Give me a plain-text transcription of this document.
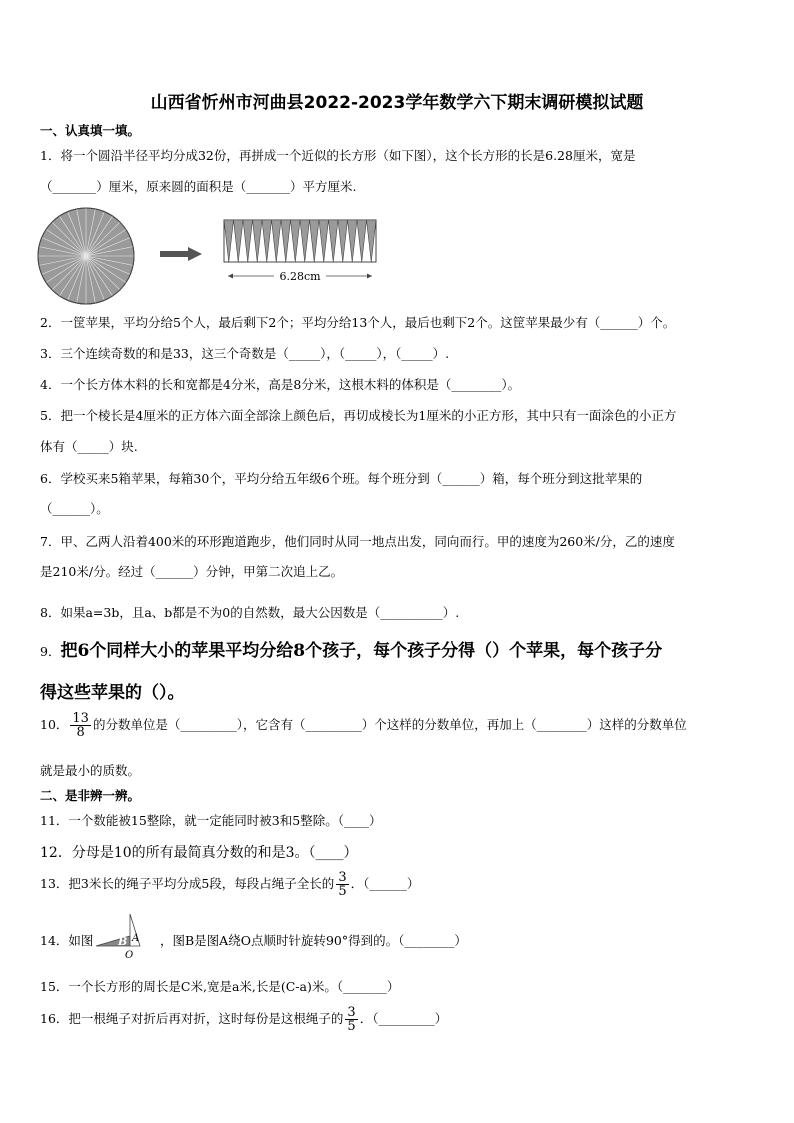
山西省忻州市河曲县2022-2023学年数学六下期末调研模拟试题
一、认真填一填。
1．将一个圆沿半径平均分成32份，再拼成一个近似的长方形（如下图），这个长方形的长是6.28厘米，宽是
（_______）厘米，原来圆的面积是（_______）平方厘米.
6.28cm
2．一筐苹果，平均分给5个人，最后剩下2个；平均分给13个人，最后也剩下2个。这筐苹果最少有（______）个。
3．三个连续奇数的和是33，这三个奇数是（_____），（_____），（_____）.
4．一个长方体木料的长和宽都是4分米，高是8分米，这根木料的体积是（________）。
5．把一个棱长是4厘米的正方体六面全部涂上颜色后，再切成棱长为1厘米的小正方形，其中只有一面涂色的小正方
体有（_____）块.
6．学校买来5箱苹果，每箱30个，平均分给五年级6个班。每个班分到（______）箱，每个班分到这批苹果的
（______）。
7．甲、乙两人沿着400米的环形跑道跑步，他们同时从同一地点出发，同向而行。甲的速度为260米/分，乙的速度
是210米/分。经过（______）分钟，甲第二次追上乙。
8．如果a=3b，且a、b都是不为0的自然数，最大公因数是（__________）.
9．把6个同样大小的苹果平均分给8个孩子，每个孩子分得（）个苹果，每个孩子分
得这些苹果的（）。
10． $\frac{13}{8}$ 的分数单位是（_________），它含有（_________）个这样的分数单位，再加上（________）这样的分数单位
就是最小的质数。
二、是非辨一辨。
11．一个数能被15整除，就一定能同时被3和5整除。（____）
12．分母是10的所有最简真分数的和是3。（____）
13．把3米长的绳子平均分成5段，每段占绳子全长的 $\frac{3}{5}$ ．（______）
14．如图 B A
O
，图B是图A绕O点顺时针旋转90°得到的。（________）
15．一个长方形的周长是C米,宽是a米,长是(C-a)米。（_______）
16．把一根绳子对折后再对折，这时每份是这根绳子的 $\frac{3}{5}$ ．（_________）
